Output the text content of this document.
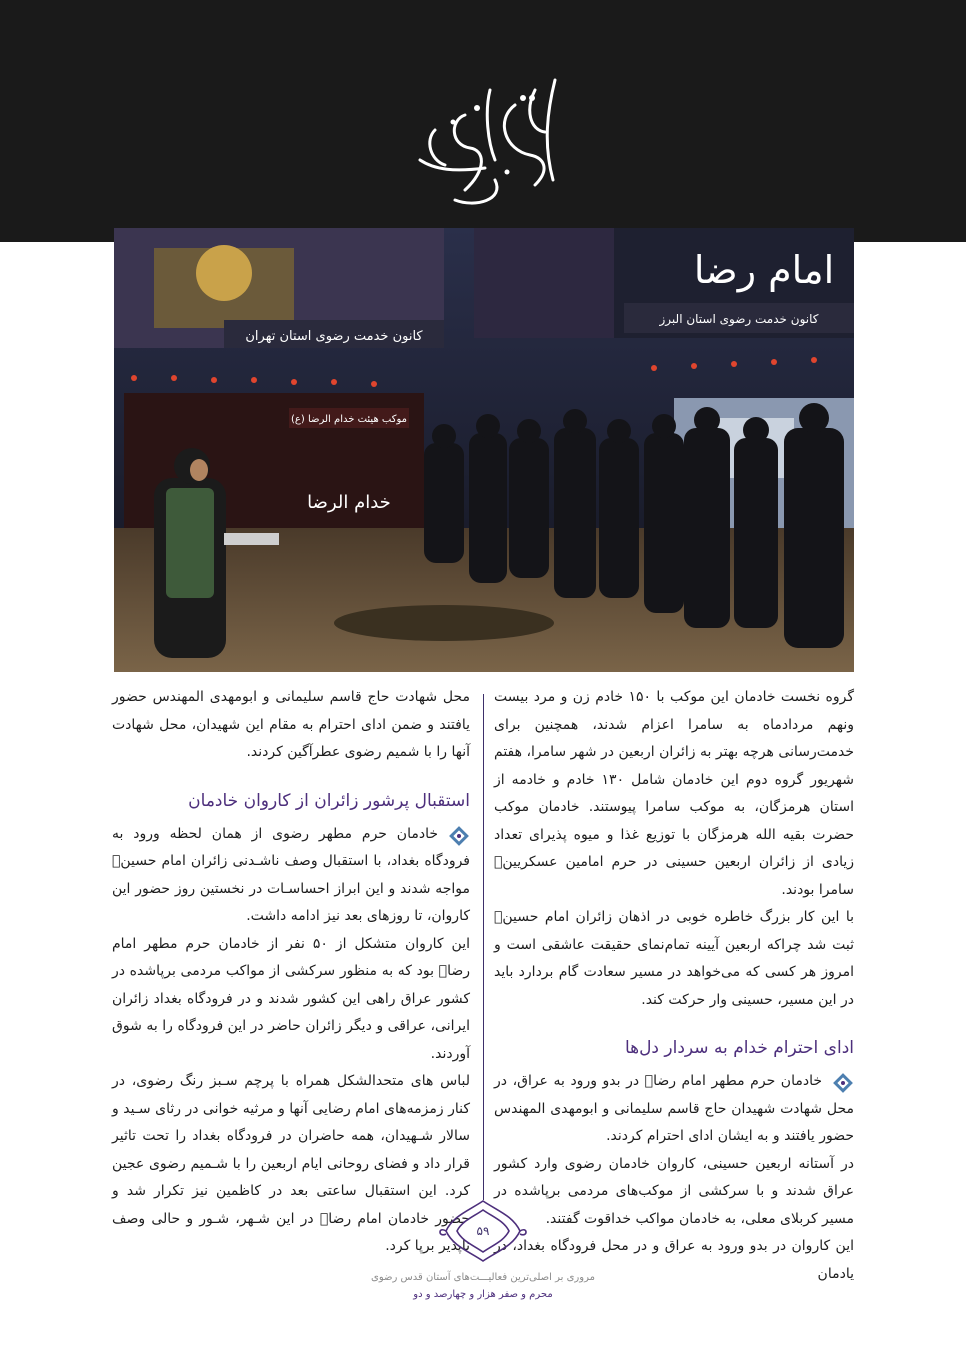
کانون خدمت رضوی استان تهران
کانون خدمت رضوی استان البرز
امام رضا
موکب هیئت خدام الرضا (ع)
خدام الرضا

گروه نخست خادمان این موکب با ۱۵۰ خادم زن و مرد بیست ونهم مردادماه به سامرا اعزام شدند، همچنین برای خدمت‌رسانی هرچه بهتر به زائران اربعین در شهر سامرا، هفتم شهریور گروه دوم این خادمان شامل ۱۳۰ خادم و خادمه از استان هرمزگان، به موکب سامرا پیوستند. خادمان موکب حضرت بقیه الله هرمزگان با توزیع غذا و میوه پذیرای تعداد زیادی از زائران اربعین حسینی در حرم امامین عسکریین﷦ سامرا بودند.

با این کار بزرگ خاطره خوبی در اذهان زائران امام حسین﷣ ثبت شد چراکه اربعین آیینه تمام‌نمای حقیقت عاشقی است و امروز هر کسی که می‌خواهد در مسیر سعادت گام بردارد باید در این مسیر، حسینی وار حرکت کند.

ادای احترام خدام به سردار دل‌ها

خادمان حرم مطهر امام رضا﷣ در بدو ورود به عراق، در محل شهادت شهیدان حاج قاسم سلیمانی و ابومهدی المهندس حضور یافتند و به ایشان ادای احترام کردند.

در آستانه اربعین حسینی، کاروان خادمان رضوی وارد کشور عراق شدند و با سرکشی از موکب‌های مردمی برپاشده در مسیر کربلای معلی، به خادمان مواکب خداقوت گفتند.

این کاروان در بدو ورود به عراق و در محل فرودگاه بغداد، در یادمان

محل شهادت حاج قاسم سلیمانی و ابومهدی المهندس حضور یافتند و ضمن ادای احترام به مقام این شهیدان، محل شهادت آنها را با شمیم رضوی عطرآگین کردند.

استقبال پرشور زائران از کاروان خادمان

خادمان حرم مطهر رضوی از همان لحظه ورود به فرودگاه بغداد، با استقبال وصف ناشـدنی زائران امام حسین﷣ مواجه شدند و این ابراز احساسـات در نخستین روز حضور این کاروان، تا روزهای بعد نیز ادامه داشت.

این کاروان متشکل از ۵۰ نفر از خادمان حرم مطهر امام رضا﷣ بود که به منظور سرکشی از مواکب مردمی برپاشده در کشور عراق راهی این کشور شدند و در فرودگاه بغداد زائران ایرانی، عراقی و دیگر زائران حاضر در این فرودگاه را به شوق آوردند.

لباس های متحدالشکل همراه با پرچم سـبز رنگ رضوی، در کنار زمزمه‌های امام رضایی آنها و مرثیه خوانی در رثای سـید و سالار شـهیدان، همه حاضران در فرودگاه بغداد را تحت تاثیر قرار داد و فضای روحانی ایام اربعین را با شـمیم رضوی عجین کرد. این استقبال ساعتی بعد در کاظمین نیز تکرار شد و حضور خادمان امام رضا﷣ در این شـهر، شـور و حالی وصف ناپذیر برپا کرد.

۵۹
مروری بر اصلی‌ترین فعالیـــت‌های آستان قدس رضوی
محرم و صفر هزار و چهارصد و دو
